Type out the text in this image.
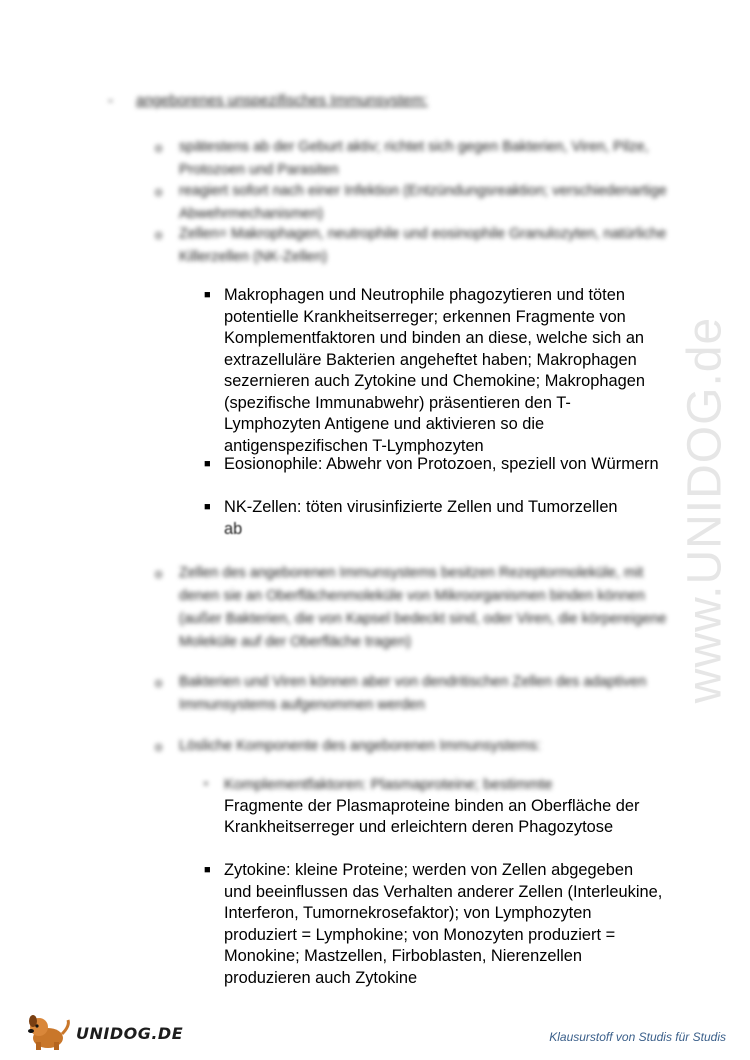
www.UNIDOG.de
- angeborenes unspezifisches Immunsystem:
o spätestens ab der Geburt aktiv; richtet sich gegen Bakterien, Viren, Pilze, Protozoen und Parasiten
o reagiert sofort nach einer Infektion (Entzündungsreaktion; verschiedenartige Abwehrmechanismen)
o Zellen= Makrophagen, neutrophile und eosinophile Granulozyten, natürliche Killerzellen (NK-Zellen)
■ Makrophagen und Neutrophile phagozytieren und töten potentielle Krankheitserreger; erkennen Fragmente von Komplementfaktoren und binden an diese, welche sich an extrazelluläre Bakterien angeheftet haben; Makrophagen sezernieren auch Zytokine und Chemokine; Makrophagen (spezifische Immunabwehr) präsentieren den T-Lymphozyten Antigene und aktivieren so die antigenspezifischen T-Lymphozyten
■ Eosionophile: Abwehr von Protozoen, speziell von Würmern
■ NK-Zellen: töten virusinfizierte Zellen und Tumorzellen
ab
o Zellen des angeborenen Immunsystems besitzen Rezeptormoleküle, mit denen sie an Oberflächenmoleküle von Mikroorganismen binden können (außer Bakterien, die von Kapsel bedeckt sind, oder Viren, die körpereigene Moleküle auf der Oberfläche tragen)
o Bakterien und Viren können aber von dendritischen Zellen des adaptiven Immunsystems aufgenommen werden
o Lösliche Komponente des angeborenen Immunsystems:
• Komplementfaktoren: Plasmaproteine; bestimmte
Fragmente der Plasmaproteine binden an Oberfläche der Krankheitserreger und erleichtern deren Phagozytose
■ Zytokine: kleine Proteine; werden von Zellen abgegeben und beeinflussen das Verhalten anderer Zellen (Interleukine, Interferon, Tumornekrosefaktor); von Lymphozyten produziert = Lymphokine; von Monozyten produziert = Monokine; Mastzellen, Firboblasten, Nierenzellen produzieren auch Zytokine
UNIDOG.DE	Klausurstoff von Studis für Studis
